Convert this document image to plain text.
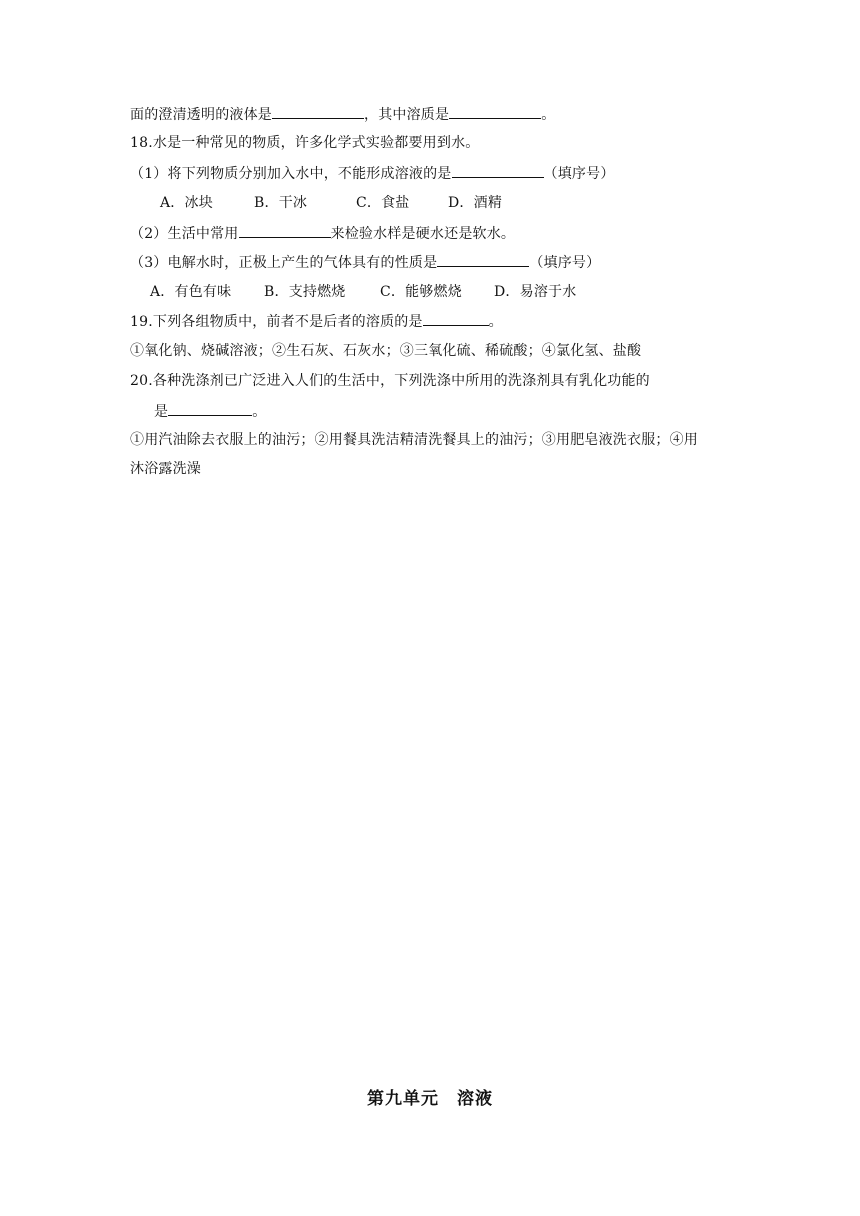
面的澄清透明的液体是	，其中溶质是	。
18.水是一种常见的物质，许多化学式实验都要用到水。
（1）将下列物质分别加入水中，不能形成溶液的是	（填序号）
A．冰块	B．干冰	C．食盐	D．酒精
（2）生活中常用	来检验水样是硬水还是软水。
（3）电解水时，正极上产生的气体具有的性质是	（填序号）
A．有色有味 B．支持燃烧 C．能够燃烧 D．易溶于水
19.下列各组物质中，前者不是后者的溶质的是	。
①氧化钠、烧碱溶液；②生石灰、石灰水；③三氧化硫、稀硫酸；④氯化氢、盐酸
20.各种洗涤剂已广泛进入人们的生活中，下列洗涤中所用的洗涤剂具有乳化功能的
是	。
①用汽油除去衣服上的油污；②用餐具洗洁精清洗餐具上的油污；③用肥皂液洗衣服；④用
沐浴露洗澡
第九单元　溶液
